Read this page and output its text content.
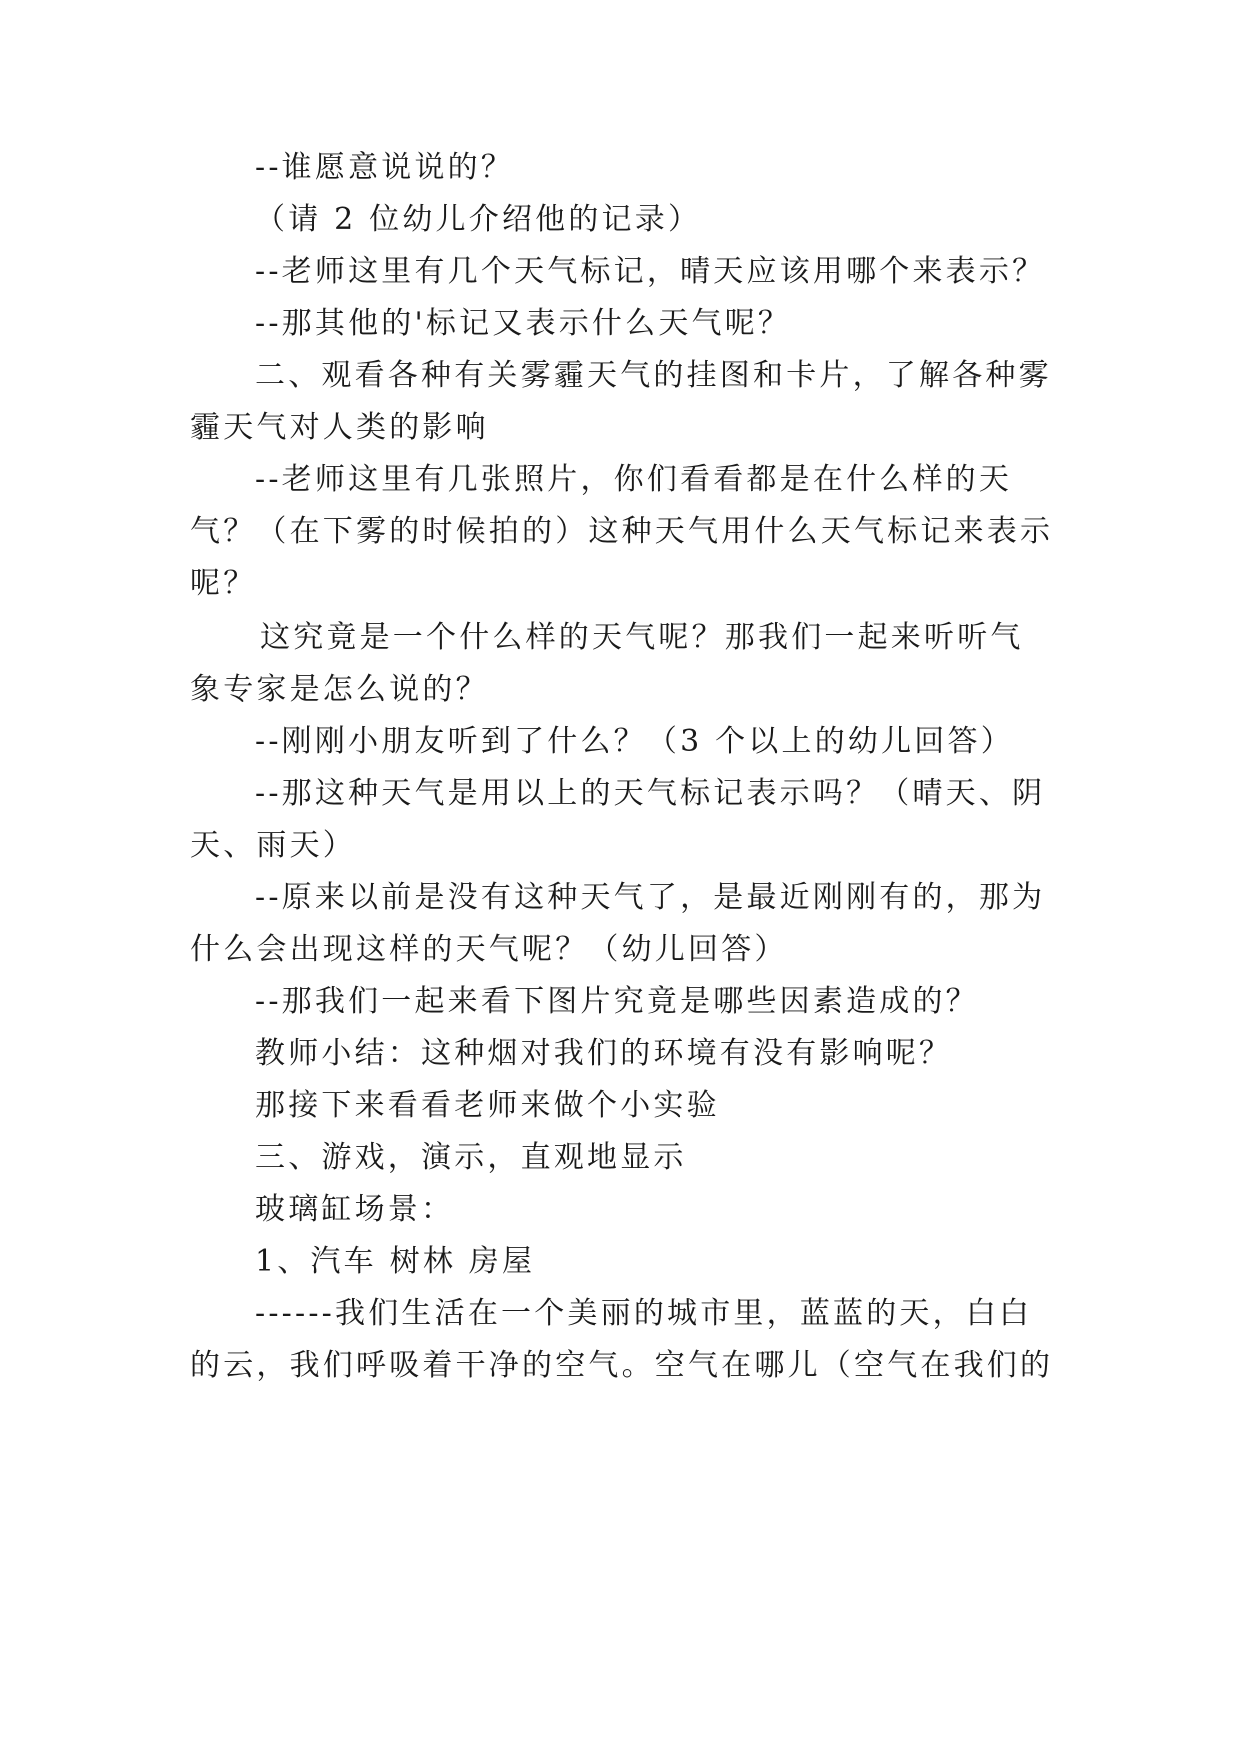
--谁愿意说说的？
（请 2 位幼儿介绍他的记录）
--老师这里有几个天气标记，晴天应该用哪个来表示？
--那其他的'标记又表示什么天气呢？
二、观看各种有关雾霾天气的挂图和卡片，了解各种雾
霾天气对人类的影响
--老师这里有几张照片，你们看看都是在什么样的天
气？（在下雾的时候拍的）这种天气用什么天气标记来表示
呢？
这究竟是一个什么样的天气呢？那我们一起来听听气
象专家是怎么说的？
--刚刚小朋友听到了什么？（3 个以上的幼儿回答）
--那这种天气是用以上的天气标记表示吗？（晴天、阴
天、雨天）
--原来以前是没有这种天气了，是最近刚刚有的，那为
什么会出现这样的天气呢？（幼儿回答）
--那我们一起来看下图片究竟是哪些因素造成的？
教师小结：这种烟对我们的环境有没有影响呢？
那接下来看看老师来做个小实验
三、游戏，演示，直观地显示
玻璃缸场景：
1、汽车 树林 房屋
------我们生活在一个美丽的城市里，蓝蓝的天，白白
的云，我们呼吸着干净的空气。空气在哪儿（空气在我们的
